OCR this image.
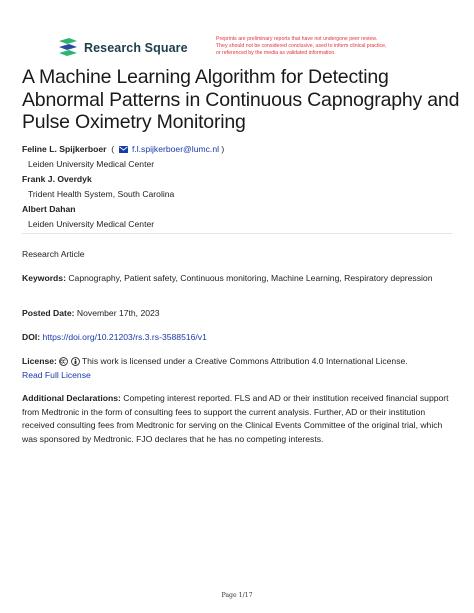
Research Square
Preprints are preliminary reports that have not undergone peer review.
They should not be considered conclusive, used to inform clinical practice,
or referenced by the media as validated information.
A Machine Learning Algorithm for Detecting Abnormal Patterns in Continuous Capnography and Pulse Oximetry Monitoring
Feline L. Spijkerboer  ( f.l.spijkerboer@lumc.nl )
Leiden University Medical Center
Frank J. Overdyk
Trident Health System, South Carolina
Albert Dahan
Leiden University Medical Center
Research Article
Keywords: Capnography, Patient safety, Continuous monitoring, Machine Learning, Respiratory depression
Posted Date: November 17th, 2023
DOI: https://doi.org/10.21203/rs.3.rs-3588516/v1
License:	This work is licensed under a Creative Commons Attribution 4.0 International License.
Read Full License
Additional Declarations: Competing interest reported. FLS and AD or their institution received financial support from Medtronic in the form of consulting fees to support the current analysis. Further, AD or their institution received consulting fees from Medtronic for serving on the Clinical Events Committee of the original trial, which was sponsored by Medtronic. FJO declares that he has no competing interests.
Page 1/17
